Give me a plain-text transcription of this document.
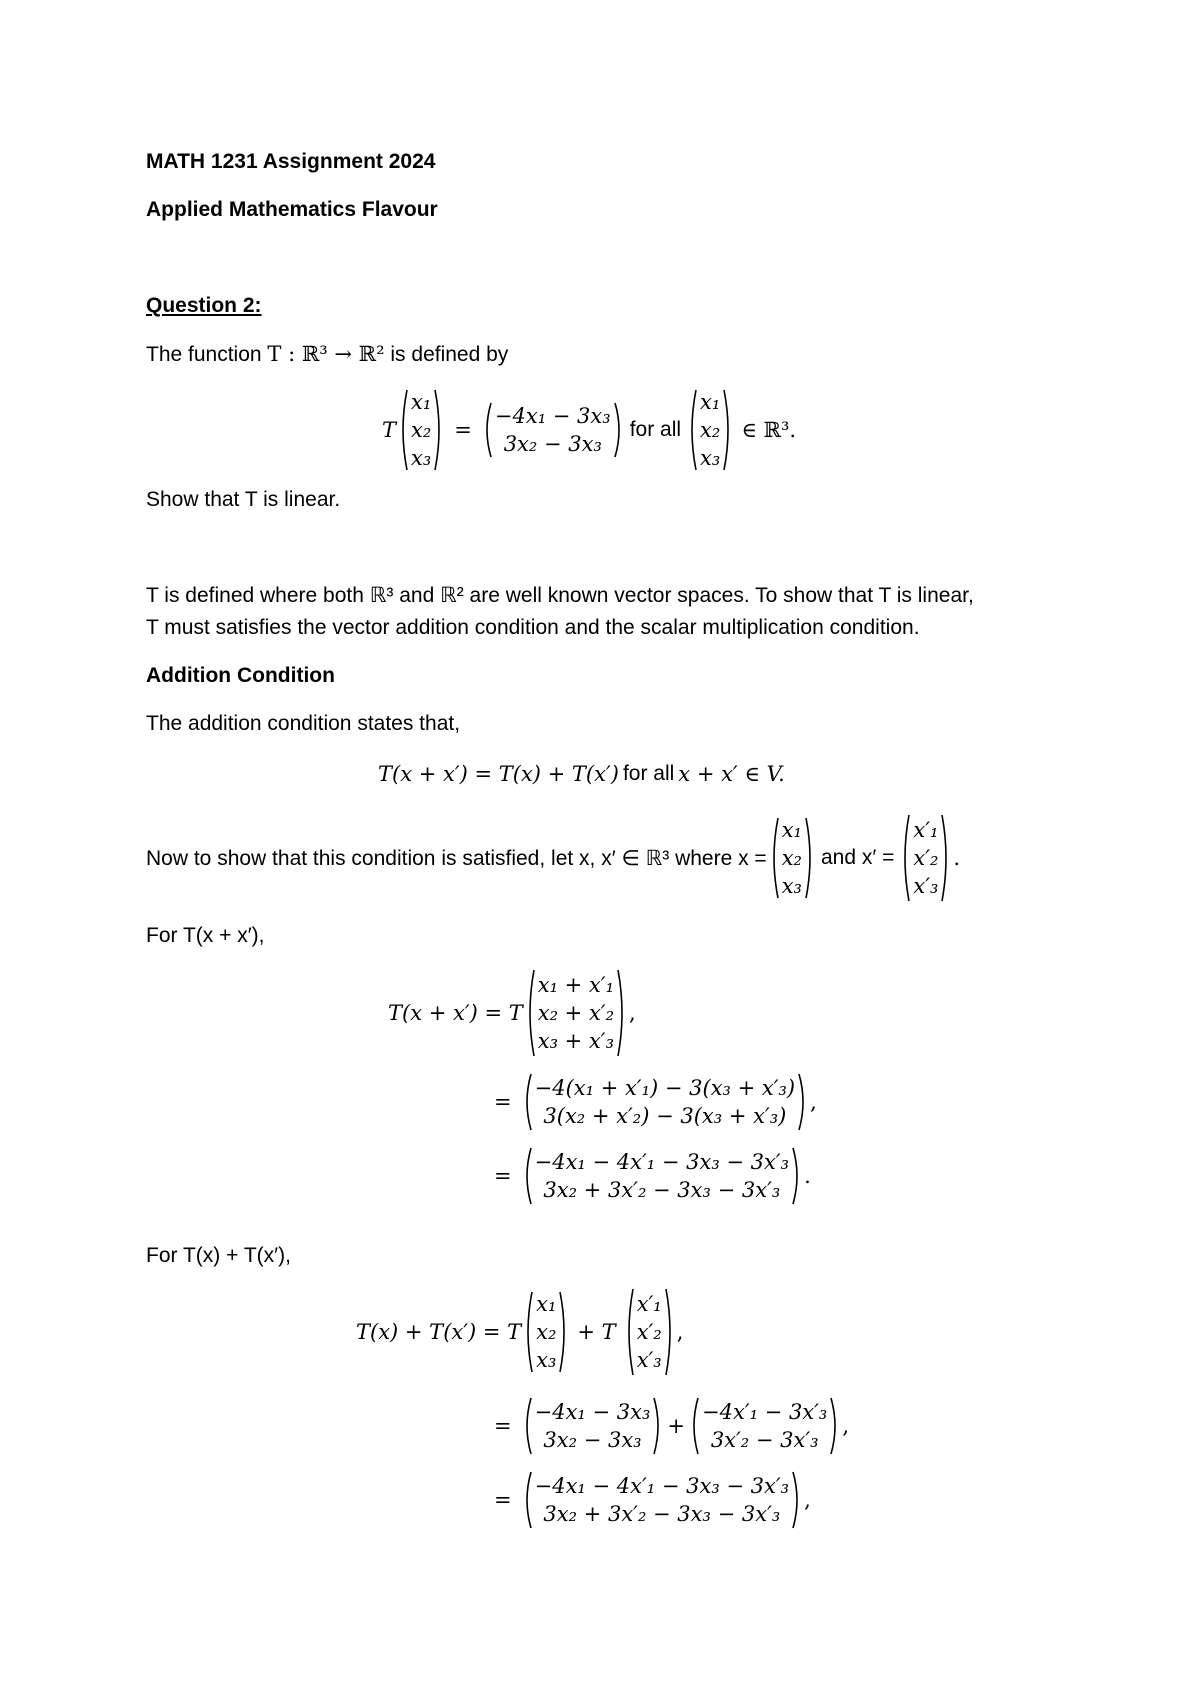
MATH 1231 Assignment 2024
Applied Mathematics Flavour
Question 2:
The function T : ℝ³ → ℝ² is defined by
T
x₁
x₂
x₃
=
−4x₁ − 3x₃
3x₂ − 3x₃
for all
x₁
x₂
x₃
∈ ℝ³.
Show that T is linear.
T is defined where both ℝ³ and ℝ² are well known vector spaces. To show that T is linear,
T must satisfies the vector addition condition and the scalar multiplication condition.
Addition Condition
The addition condition states that,
T(x + x′) = T(x) + T(x′) for all x + x′ ∈ V.
Now to show that this condition is satisfied, let x, x′ ∈ ℝ³ where x =
x₁
x₂
x₃
and x′ =
x′₁
x′₂
x′₃
.
For T(x + x′),
T(x + x′) = T
x₁ + x′₁
x₂ + x′₂
x₃ + x′₃
,
=
−4(x₁ + x′₁) − 3(x₃ + x′₃)
3(x₂ + x′₂) − 3(x₃ + x′₃)
,
=
−4x₁ − 4x′₁ − 3x₃ − 3x′₃
3x₂ + 3x′₂ − 3x₃ − 3x′₃
.
For T(x) + T(x′),
T(x) + T(x′) = T
x₁
x₂
x₃
+ T
x′₁
x′₂
x′₃
,
=
−4x₁ − 3x₃
3x₂ − 3x₃
+
−4x′₁ − 3x′₃
3x′₂ − 3x′₃
,
=
−4x₁ − 4x′₁ − 3x₃ − 3x′₃
3x₂ + 3x′₂ − 3x₃ − 3x′₃
,
